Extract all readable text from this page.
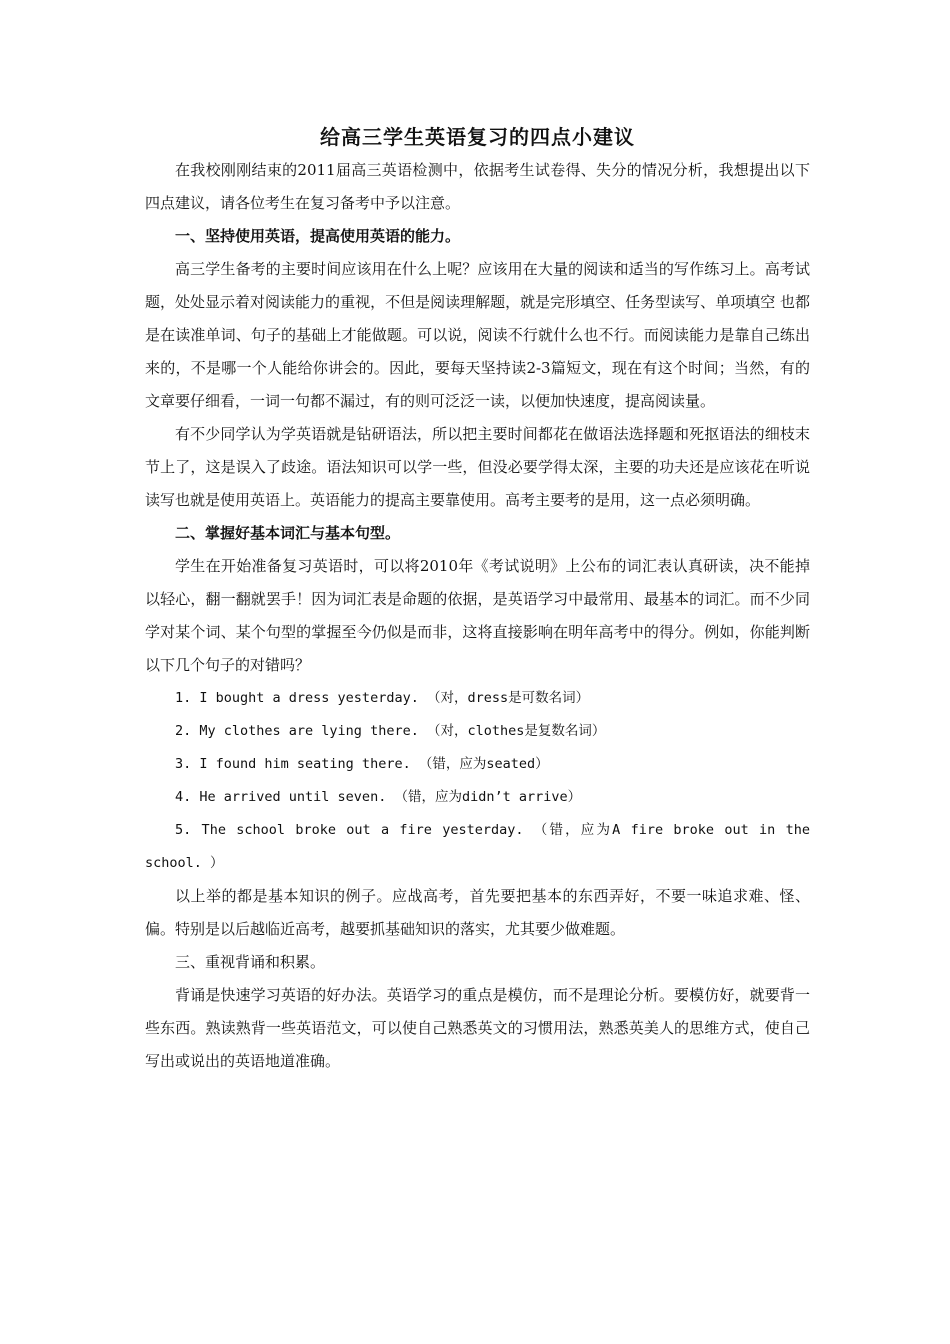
给高三学生英语复习的四点小建议

在我校刚刚结束的2011届高三英语检测中，依据考生试卷得、失分的情况分析，我想提出以下四点建议，请各位考生在复习备考中予以注意。

一、坚持使用英语，提高使用英语的能力。

高三学生备考的主要时间应该用在什么上呢？应该用在大量的阅读和适当的写作练习上。高考试题，处处显示着对阅读能力的重视，不但是阅读理解题，就是完形填空、任务型读写、单项填空 也都是在读准单词、句子的基础上才能做题。可以说，阅读不行就什么也不行。而阅读能力是靠自己练出来的，不是哪一个人能给你讲会的。因此，要每天坚持读2-3篇短文，现在有这个时间；当然，有的文章要仔细看，一词一句都不漏过，有的则可泛泛一读，以便加快速度，提高阅读量。

有不少同学认为学英语就是钻研语法，所以把主要时间都花在做语法选择题和死抠语法的细枝末节上了，这是误入了歧途。语法知识可以学一些，但没必要学得太深，主要的功夫还是应该花在听说读写也就是使用英语上。英语能力的提高主要靠使用。高考主要考的是用，这一点必须明确。

二、掌握好基本词汇与基本句型。

学生在开始准备复习英语时，可以将2010年《考试说明》上公布的词汇表认真研读，决不能掉以轻心，翻一翻就罢手！因为词汇表是命题的依据，是英语学习中最常用、最基本的词汇。而不少同学对某个词、某个句型的掌握至今仍似是而非，这将直接影响在明年高考中的得分。例如，你能判断以下几个句子的对错吗？

1. I bought a dress yesterday. （对，dress是可数名词）

2. My clothes are lying there. （对，clothes是复数名词）

3. I found him seating there. （错，应为seated）

4. He arrived until seven. （错，应为didn’t arrive）

5. The school broke out a fire yesterday. （错，应为A fire broke out in the school. ）

以上举的都是基本知识的例子。应战高考，首先要把基本的东西弄好，不要一味追求难、怪、偏。特别是以后越临近高考，越要抓基础知识的落实，尤其要少做难题。

三、重视背诵和积累。

背诵是快速学习英语的好办法。英语学习的重点是模仿，而不是理论分析。要模仿好，就要背一些东西。熟读熟背一些英语范文，可以使自己熟悉英文的习惯用法，熟悉英美人的思维方式，使自己写出或说出的英语地道准确。
